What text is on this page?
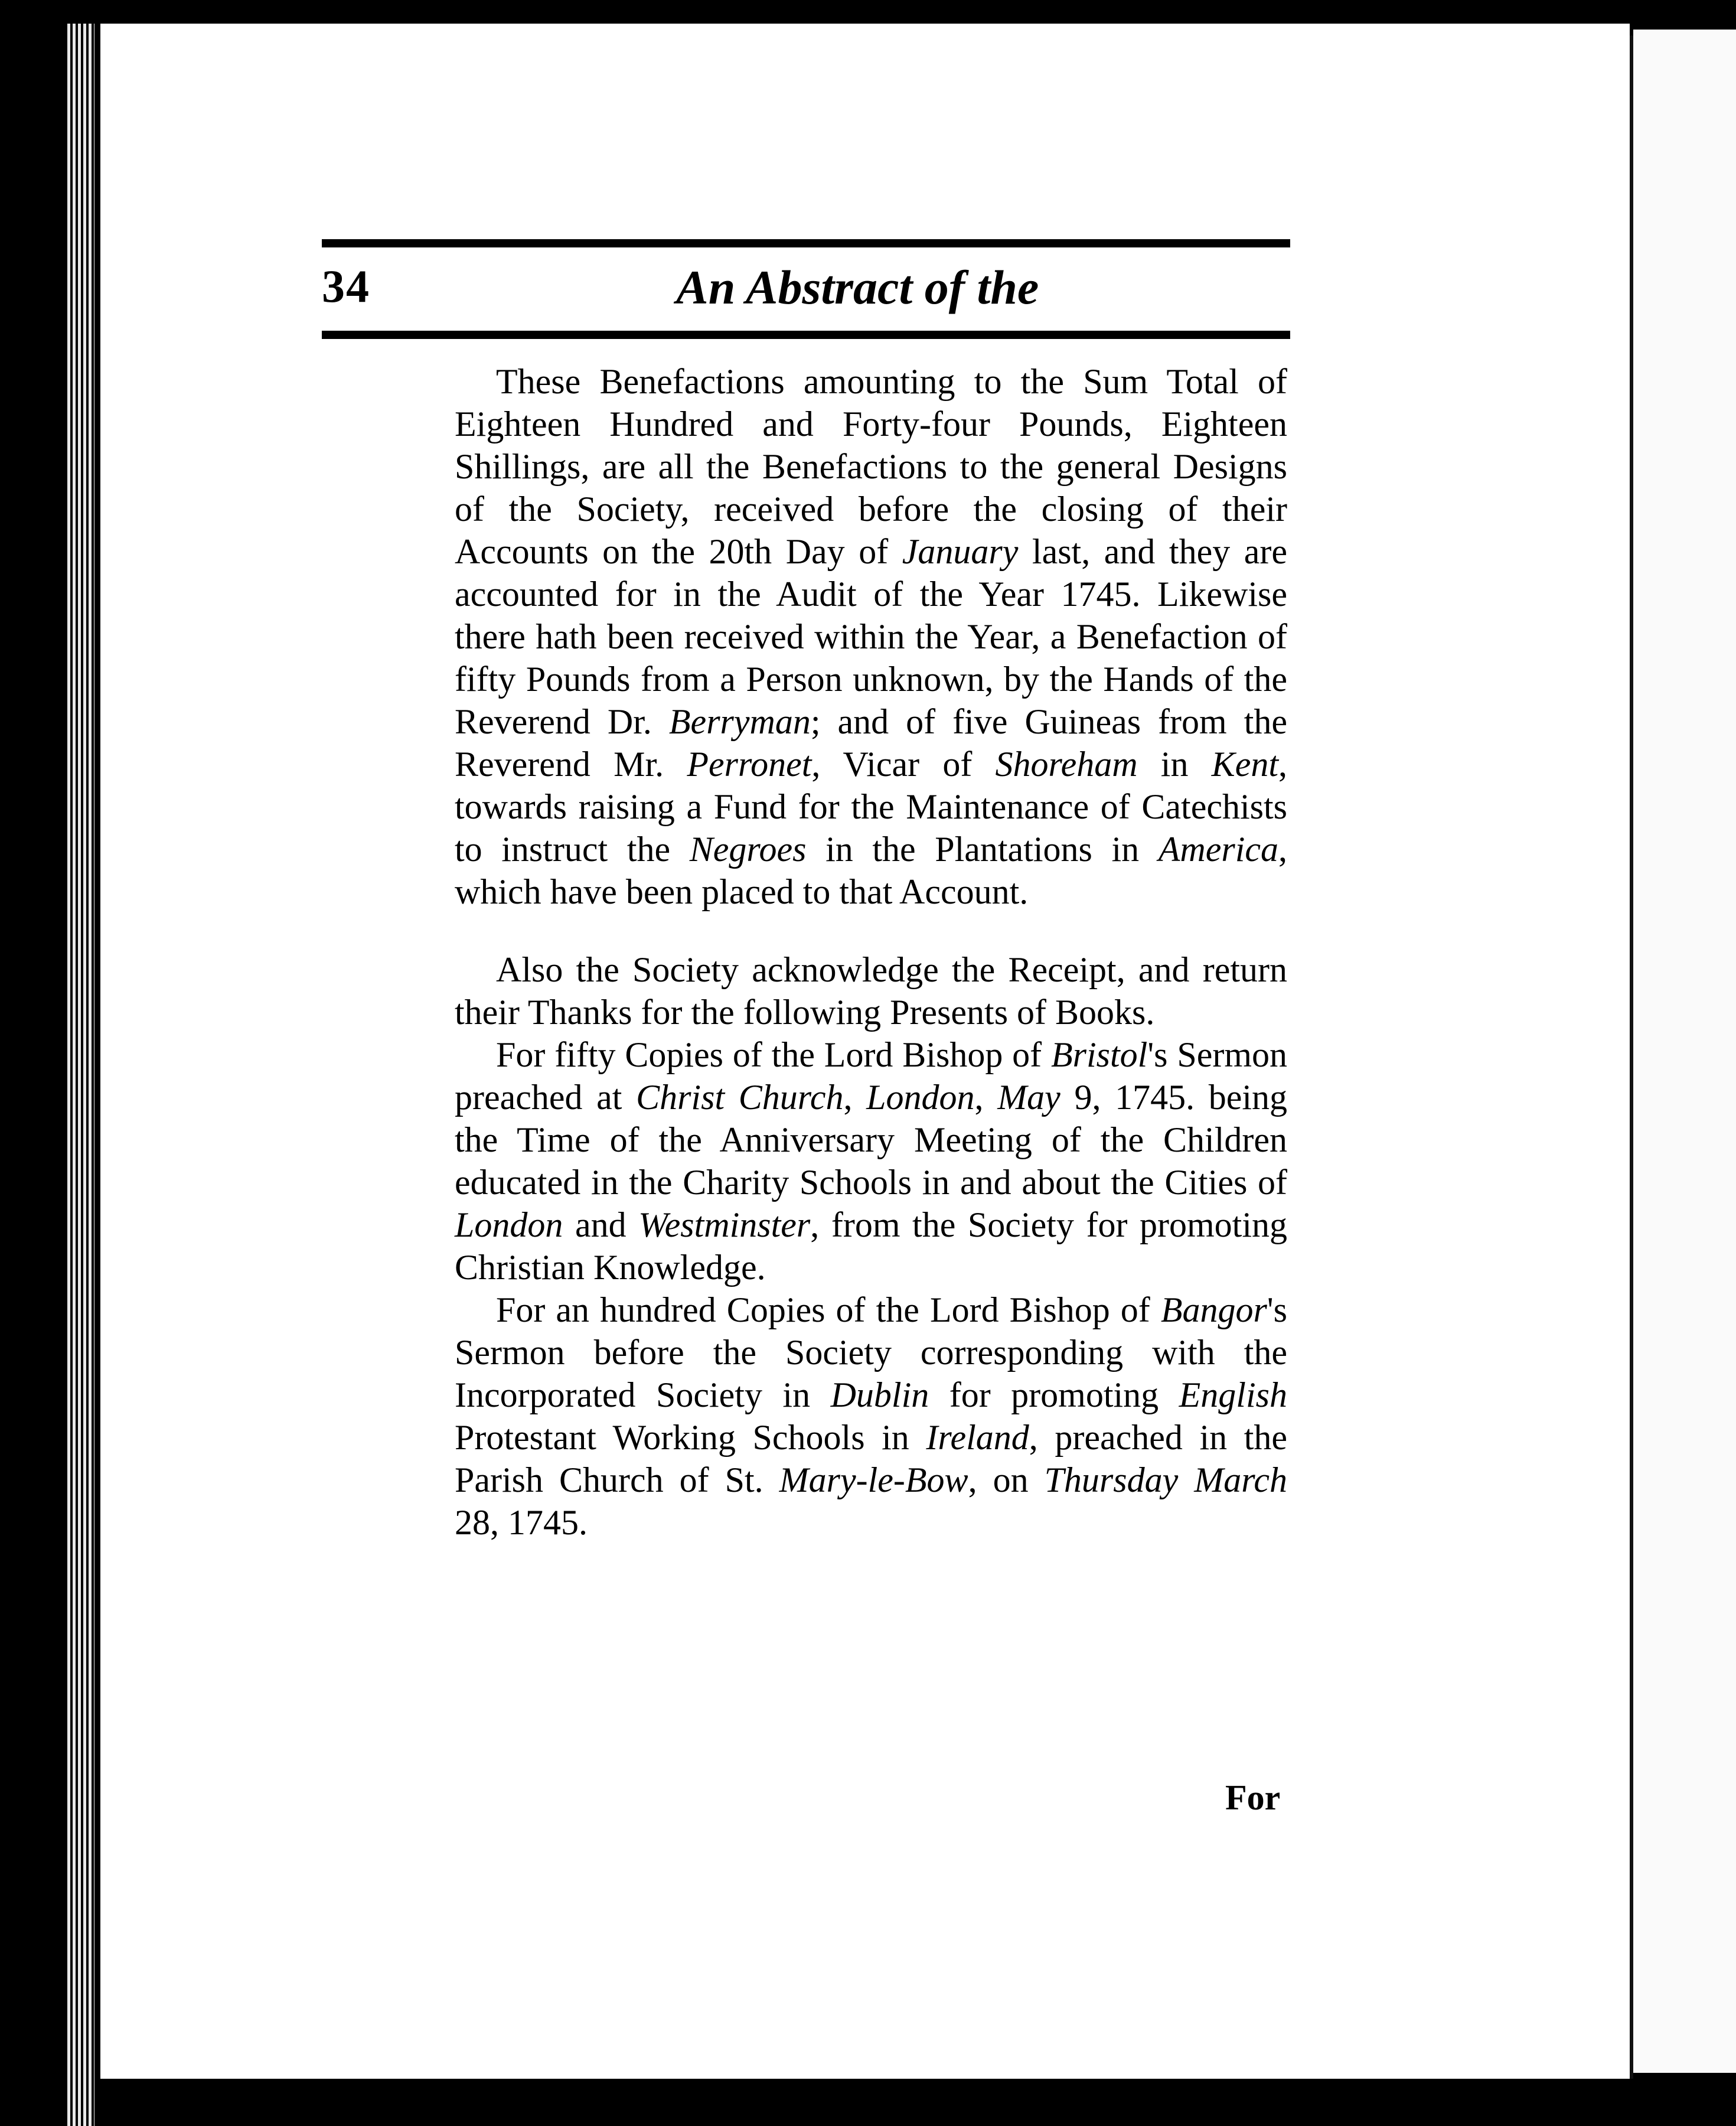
34	An Abstract of the

These Benefactions amounting to the Sum Total of Eighteen Hundred and Forty-four Pounds, Eighteen Shillings, are all the Benefactions to the general Designs of the Society, received before the closing of their Accounts on the 20th Day of January last, and they are accounted for in the Audit of the Year 1745. Likewise there hath been received within the Year, a Benefaction of fifty Pounds from a Person unknown, by the Hands of the Reverend Dr. Berryman; and of five Guineas from the Reverend Mr. Perronet, Vicar of Shoreham in Kent, towards raising a Fund for the Maintenance of Catechists to instruct the Negroes in the Plantations in America, which have been placed to that Account.

Also the Society acknowledge the Receipt, and return their Thanks for the following Presents of Books.

For fifty Copies of the Lord Bishop of Bristol's Sermon preached at Christ Church, London, May 9, 1745. being the Time of the Anniversary Meeting of the Children educated in the Charity Schools in and about the Cities of London and Westminster, from the Society for promoting Christian Knowledge.

For an hundred Copies of the Lord Bishop of Bangor's Sermon before the Society corresponding with the Incorporated Society in Dublin for promoting English Protestant Working Schools in Ireland, preached in the Parish Church of St. Mary-le-Bow, on Thursday March 28, 1745.

For
